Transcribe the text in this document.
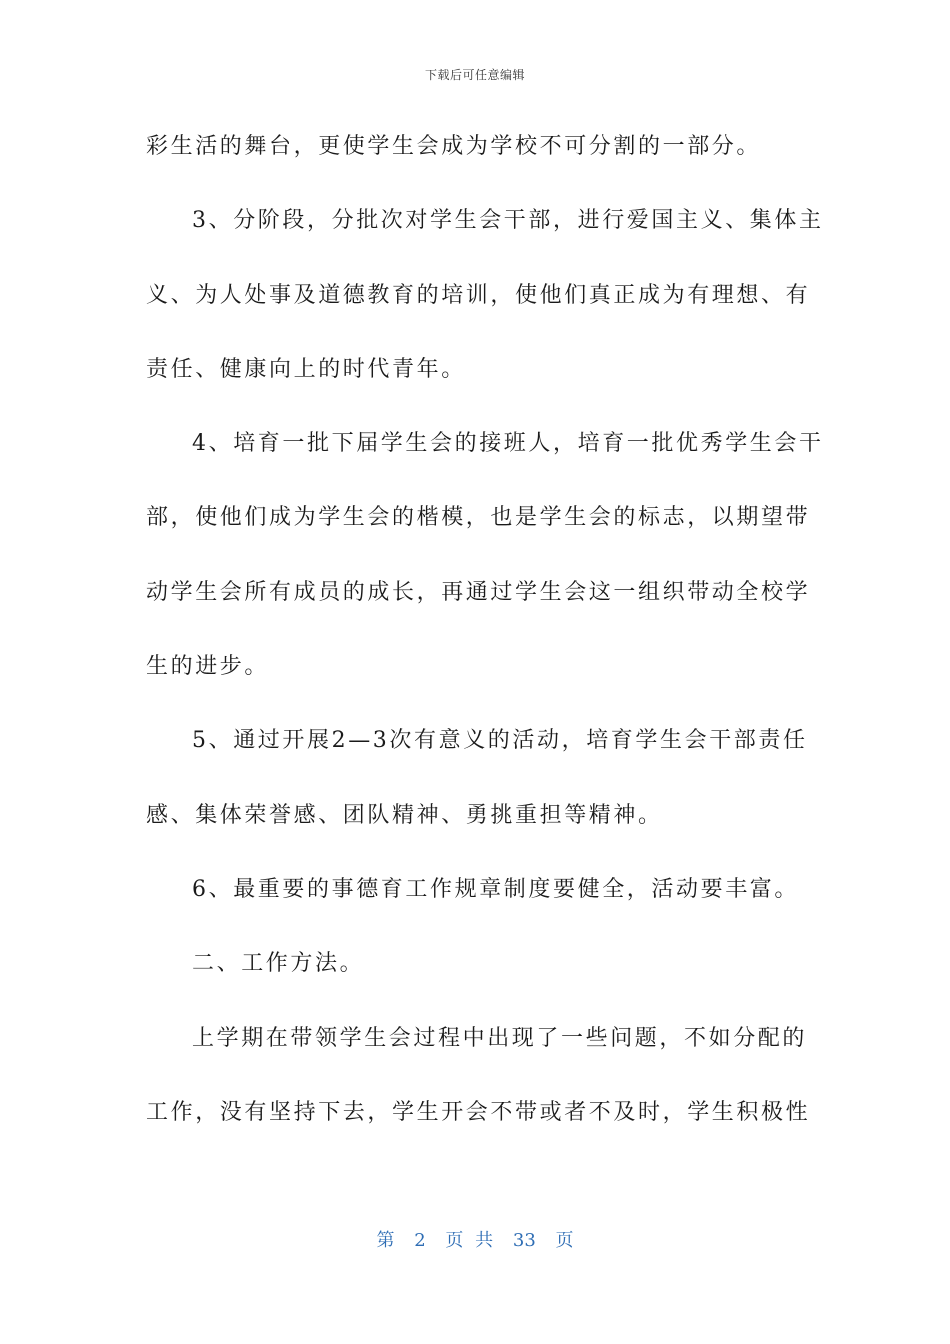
下载后可任意编辑
彩生活的舞台，更使学生会成为学校不可分割的一部分。
3、分阶段，分批次对学生会干部，进行爱国主义、集体主
义、为人处事及道德教育的培训，使他们真正成为有理想、有
责任、健康向上的时代青年。
4、培育一批下届学生会的接班人，培育一批优秀学生会干
部，使他们成为学生会的楷模，也是学生会的标志，以期望带
动学生会所有成员的成长，再通过学生会这一组织带动全校学
生的进步。
5、通过开展2—3次有意义的活动，培育学生会干部责任
感、集体荣誉感、团队精神、勇挑重担等精神。
6、最重要的事德育工作规章制度要健全，活动要丰富。
二、工作方法。
上学期在带领学生会过程中出现了一些问题，不如分配的
工作，没有坚持下去，学生开会不带或者不及时，学生积极性
第 2 页 共 33 页
